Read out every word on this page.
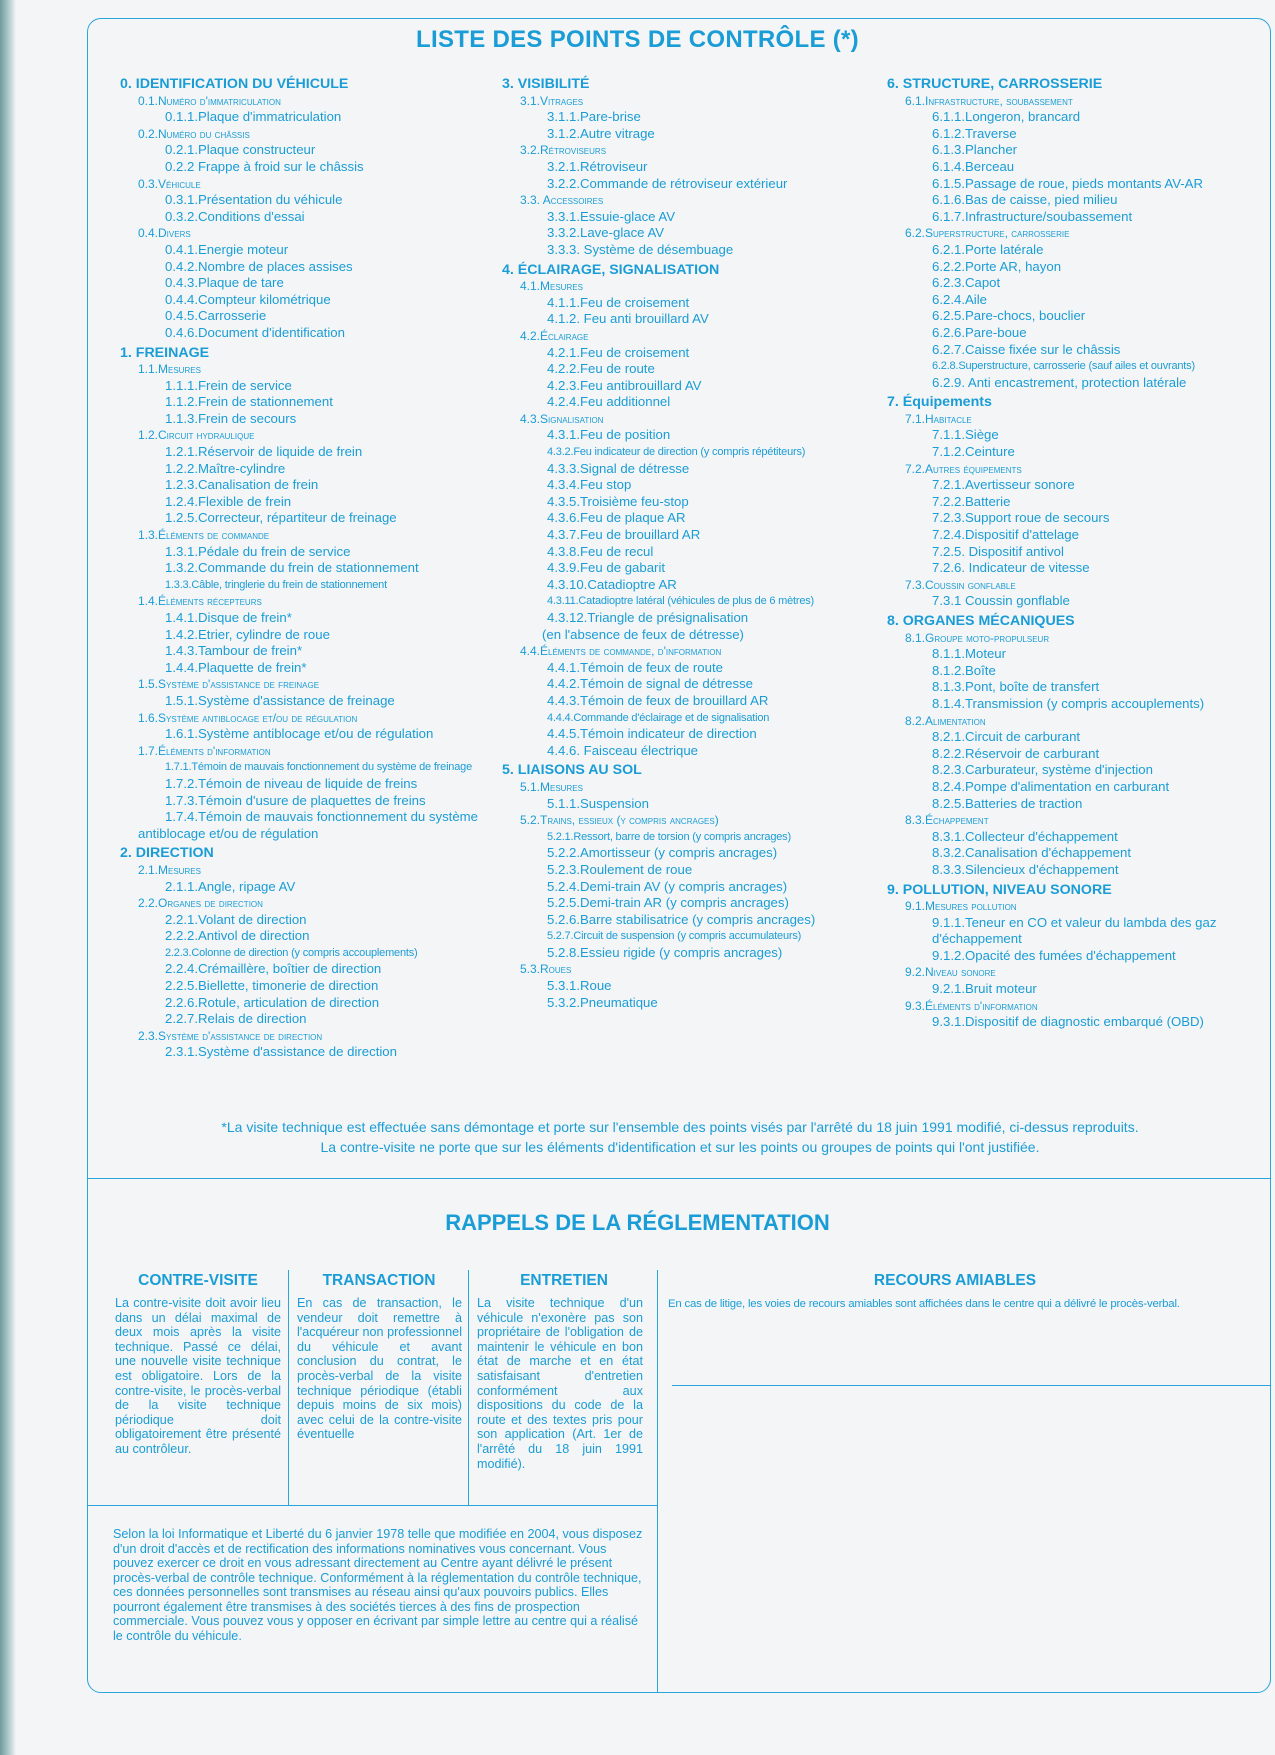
LISTE DES POINTS DE CONTRÔLE (*)
0. IDENTIFICATION DU VÉHICULE
0.1.Numéro d'immatriculation
0.1.1.Plaque d'immatriculation
0.2.Numéro du châssis
0.2.1.Plaque constructeur
0.2.2 Frappe à froid sur le châssis
0.3.Véhicule
0.3.1.Présentation du véhicule
0.3.2.Conditions d'essai
0.4.Divers
0.4.1.Energie moteur
0.4.2.Nombre de places assises
0.4.3.Plaque de tare
0.4.4.Compteur kilométrique
0.4.5.Carrosserie
0.4.6.Document d'identification
1. FREINAGE
1.1.Mesures
1.1.1.Frein de service
1.1.2.Frein de stationnement
1.1.3.Frein de secours
1.2.Circuit hydraulique
1.2.1.Réservoir de liquide de frein
1.2.2.Maître-cylindre
1.2.3.Canalisation de frein
1.2.4.Flexible de frein
1.2.5.Correcteur, répartiteur de freinage
1.3.Éléments de commande
1.3.1.Pédale du frein de service
1.3.2.Commande du frein de stationnement
1.3.3.Câble, tringlerie du frein de stationnement
1.4.Éléments récepteurs
1.4.1.Disque de frein*
1.4.2.Etrier, cylindre de roue
1.4.3.Tambour de frein*
1.4.4.Plaquette de frein*
1.5.Système d'assistance de freinage
1.5.1.Système d'assistance de freinage
1.6.Système antiblocage et/ou de régulation
1.6.1.Système antiblocage et/ou de régulation
1.7.Éléments d'information
1.7.1.Témoin de mauvais fonctionnement du système de freinage
1.7.2.Témoin de niveau de liquide de freins
1.7.3.Témoin d'usure de plaquettes de freins
1.7.4.Témoin de mauvais fonctionnement du système
antiblocage et/ou de régulation
2. DIRECTION
2.1.Mesures
2.1.1.Angle, ripage AV
2.2.Organes de direction
2.2.1.Volant de direction
2.2.2.Antivol de direction
2.2.3.Colonne de direction (y compris accouplements)
2.2.4.Crémaillère, boîtier de direction
2.2.5.Biellette, timonerie de direction
2.2.6.Rotule, articulation de direction
2.2.7.Relais de direction
2.3.Système d'assistance de direction
2.3.1.Système d'assistance de direction
3. VISIBILITÉ
3.1.Vitrages
3.1.1.Pare-brise
3.1.2.Autre vitrage
3.2.Rétroviseurs
3.2.1.Rétroviseur
3.2.2.Commande de rétroviseur extérieur
3.3. Accessoires
3.3.1.Essuie-glace AV
3.3.2.Lave-glace AV
3.3.3. Système de désembuage
4. ÉCLAIRAGE, SIGNALISATION
4.1.Mesures
4.1.1.Feu de croisement
4.1.2. Feu anti brouillard AV
4.2.Éclairage
4.2.1.Feu de croisement
4.2.2.Feu de route
4.2.3.Feu antibrouillard AV
4.2.4.Feu additionnel
4.3.Signalisation
4.3.1.Feu de position
4.3.2.Feu indicateur de direction (y compris répétiteurs)
4.3.3.Signal de détresse
4.3.4.Feu stop
4.3.5.Troisième feu-stop
4.3.6.Feu de plaque AR
4.3.7.Feu de brouillard AR
4.3.8.Feu de recul
4.3.9.Feu de gabarit
4.3.10.Catadioptre AR
4.3.11.Catadioptre latéral (véhicules de plus de 6 mètres)
4.3.12.Triangle de présignalisation
(en l'absence de feux de détresse)
4.4.Éléments de commande, d'information
4.4.1.Témoin de feux de route
4.4.2.Témoin de signal de détresse
4.4.3.Témoin de feux de brouillard AR
4.4.4.Commande d'éclairage et de signalisation
4.4.5.Témoin indicateur de direction
4.4.6. Faisceau électrique
5. LIAISONS AU SOL
5.1.Mesures
5.1.1.Suspension
5.2.Trains, essieux (y compris ancrages)
5.2.1.Ressort, barre de torsion (y compris ancrages)
5.2.2.Amortisseur (y compris ancrages)
5.2.3.Roulement de roue
5.2.4.Demi-train AV (y compris ancrages)
5.2.5.Demi-train AR (y compris ancrages)
5.2.6.Barre stabilisatrice (y compris ancrages)
5.2.7.Circuit de suspension (y compris accumulateurs)
5.2.8.Essieu rigide (y compris ancrages)
5.3.Roues
5.3.1.Roue
5.3.2.Pneumatique
6. STRUCTURE, CARROSSERIE
6.1.Infrastructure, soubassement
6.1.1.Longeron, brancard
6.1.2.Traverse
6.1.3.Plancher
6.1.4.Berceau
6.1.5.Passage de roue, pieds montants AV-AR
6.1.6.Bas de caisse, pied milieu
6.1.7.Infrastructure/soubassement
6.2.Superstructure, carrosserie
6.2.1.Porte latérale
6.2.2.Porte AR, hayon
6.2.3.Capot
6.2.4.Aile
6.2.5.Pare-chocs, bouclier
6.2.6.Pare-boue
6.2.7.Caisse fixée sur le châssis
6.2.8.Superstructure, carrosserie (sauf ailes et ouvrants)
6.2.9. Anti encastrement, protection latérale
7. Équipements
7.1.Habitacle
7.1.1.Siège
7.1.2.Ceinture
7.2.Autres équipements
7.2.1.Avertisseur sonore
7.2.2.Batterie
7.2.3.Support roue de secours
7.2.4.Dispositif d'attelage
7.2.5. Dispositif antivol
7.2.6. Indicateur de vitesse
7.3.Coussin gonflable
7.3.1 Coussin gonflable
8. ORGANES MÉCANIQUES
8.1.Groupe moto-propulseur
8.1.1.Moteur
8.1.2.Boîte
8.1.3.Pont, boîte de transfert
8.1.4.Transmission (y compris accouplements)
8.2.Alimentation
8.2.1.Circuit de carburant
8.2.2.Réservoir de carburant
8.2.3.Carburateur, système d'injection
8.2.4.Pompe d'alimentation en carburant
8.2.5.Batteries de traction
8.3.Échappement
8.3.1.Collecteur d'échappement
8.3.2.Canalisation d'échappement
8.3.3.Silencieux d'échappement
9. POLLUTION, NIVEAU SONORE
9.1.Mesures pollution
9.1.1.Teneur en CO et valeur du lambda des gaz
d'échappement
9.1.2.Opacité des fumées d'échappement
9.2.Niveau sonore
9.2.1.Bruit moteur
9.3.Éléments d'information
9.3.1.Dispositif de diagnostic embarqué (OBD)
*La visite technique est effectuée sans démontage et porte sur l'ensemble des points visés par l'arrêté du 18 juin 1991 modifié, ci-dessus reproduits.
La contre-visite ne porte que sur les éléments d'identification et sur les points ou groupes de points qui l'ont justifiée.
RAPPELS DE LA RÉGLEMENTATION
CONTRE-VISITE
La contre-visite doit avoir lieu dans un délai maximal de deux mois après la visite technique. Passé ce délai, une nouvelle visite technique est obligatoire. Lors de la contre-visite, le procès-verbal de la visite technique périodique doit obligatoirement être présenté au contrôleur.
TRANSACTION
En cas de transaction, le vendeur doit remettre à l'acquéreur non professionnel du véhicule et avant conclusion du contrat, le procès-verbal de la visite technique périodique (établi depuis moins de six mois) avec celui de la contre-visite éventuelle
ENTRETIEN
La visite technique d'un véhicule n'exonère pas son propriétaire de l'obligation de maintenir le véhicule en bon état de marche et en état satisfaisant d'entretien conformément aux dispositions du code de la route et des textes pris pour son application (Art. 1er de l'arrêté du 18 juin 1991 modifié).
RECOURS AMIABLES
En cas de litige, les voies de recours amiables sont affichées dans le centre qui a délivré le procès-verbal.
Selon la loi Informatique et Liberté du 6 janvier 1978 telle que modifiée en 2004, vous disposez d'un droit d'accès et de rectification des informations nominatives vous concernant. Vous pouvez exercer ce droit en vous adressant directement au Centre ayant délivré le présent procès-verbal de contrôle technique. Conformément à la réglementation du contrôle technique, ces données personnelles sont transmises au réseau ainsi qu'aux pouvoirs publics. Elles pourront également être transmises à des sociétés tierces à des fins de prospection commerciale. Vous pouvez vous y opposer en écrivant par simple lettre au centre qui a réalisé le contrôle du véhicule.
